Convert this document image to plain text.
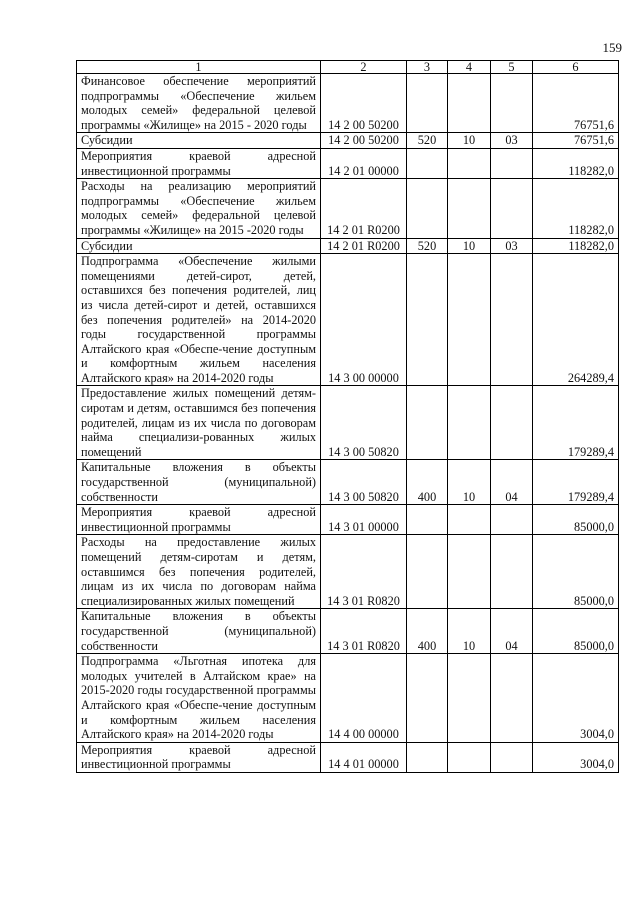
159
1	2	3	4	5	6
Финансовое обеспечение мероприятий подпрограммы «Обеспечение жильем молодых семей» федеральной целевой программы «Жилище» на 2015 - 2020 годы	14 2 00 50200				76751,6
Субсидии	14 2 00 50200	520	10	03	76751,6
Мероприятия краевой адресной инвестиционной программы	14 2 01 00000				118282,0
Расходы на реализацию мероприятий подпрограммы «Обеспечение жильем молодых семей» федеральной целевой программы «Жилище» на 2015 -2020 годы	14 2 01 R0200				118282,0
Субсидии	14 2 01 R0200	520	10	03	118282,0
Подпрограмма «Обеспечение жилыми помещениями детей-сирот, детей, оставшихся без попечения родителей, лиц из числа детей-сирот и детей, оставшихся без попечения родителей» на 2014-2020 годы государственной программы Алтайского края «Обеспе-чение доступным и комфортным жильем населения Алтайского края» на 2014-2020 годы	14 3 00 00000				264289,4
Предоставление жилых помещений детям-сиротам и детям, оставшимся без попечения родителей, лицам из их числа по договорам найма специализи-рованных жилых помещений	14 3 00 50820				179289,4
Капитальные вложения в объекты государственной (муниципальной) собственности	14 3 00 50820	400	10	04	179289,4
Мероприятия краевой адресной инвестиционной программы	14 3 01 00000				85000,0
Расходы на предоставление жилых помещений детям-сиротам и детям, оставшимся без попечения родителей, лицам из их числа по договорам найма специализированных жилых помещений	14 3 01 R0820				85000,0
Капитальные вложения в объекты государственной (муниципальной) собственности	14 3 01 R0820	400	10	04	85000,0
Подпрограмма «Льготная ипотека для молодых учителей в Алтайском крае» на 2015-2020 годы государственной программы Алтайского края «Обеспе-чение доступным и комфортным жильем населения Алтайского края» на 2014-2020 годы	14 4 00 00000				3004,0
Мероприятия краевой адресной инвестиционной программы	14 4 01 00000				3004,0
